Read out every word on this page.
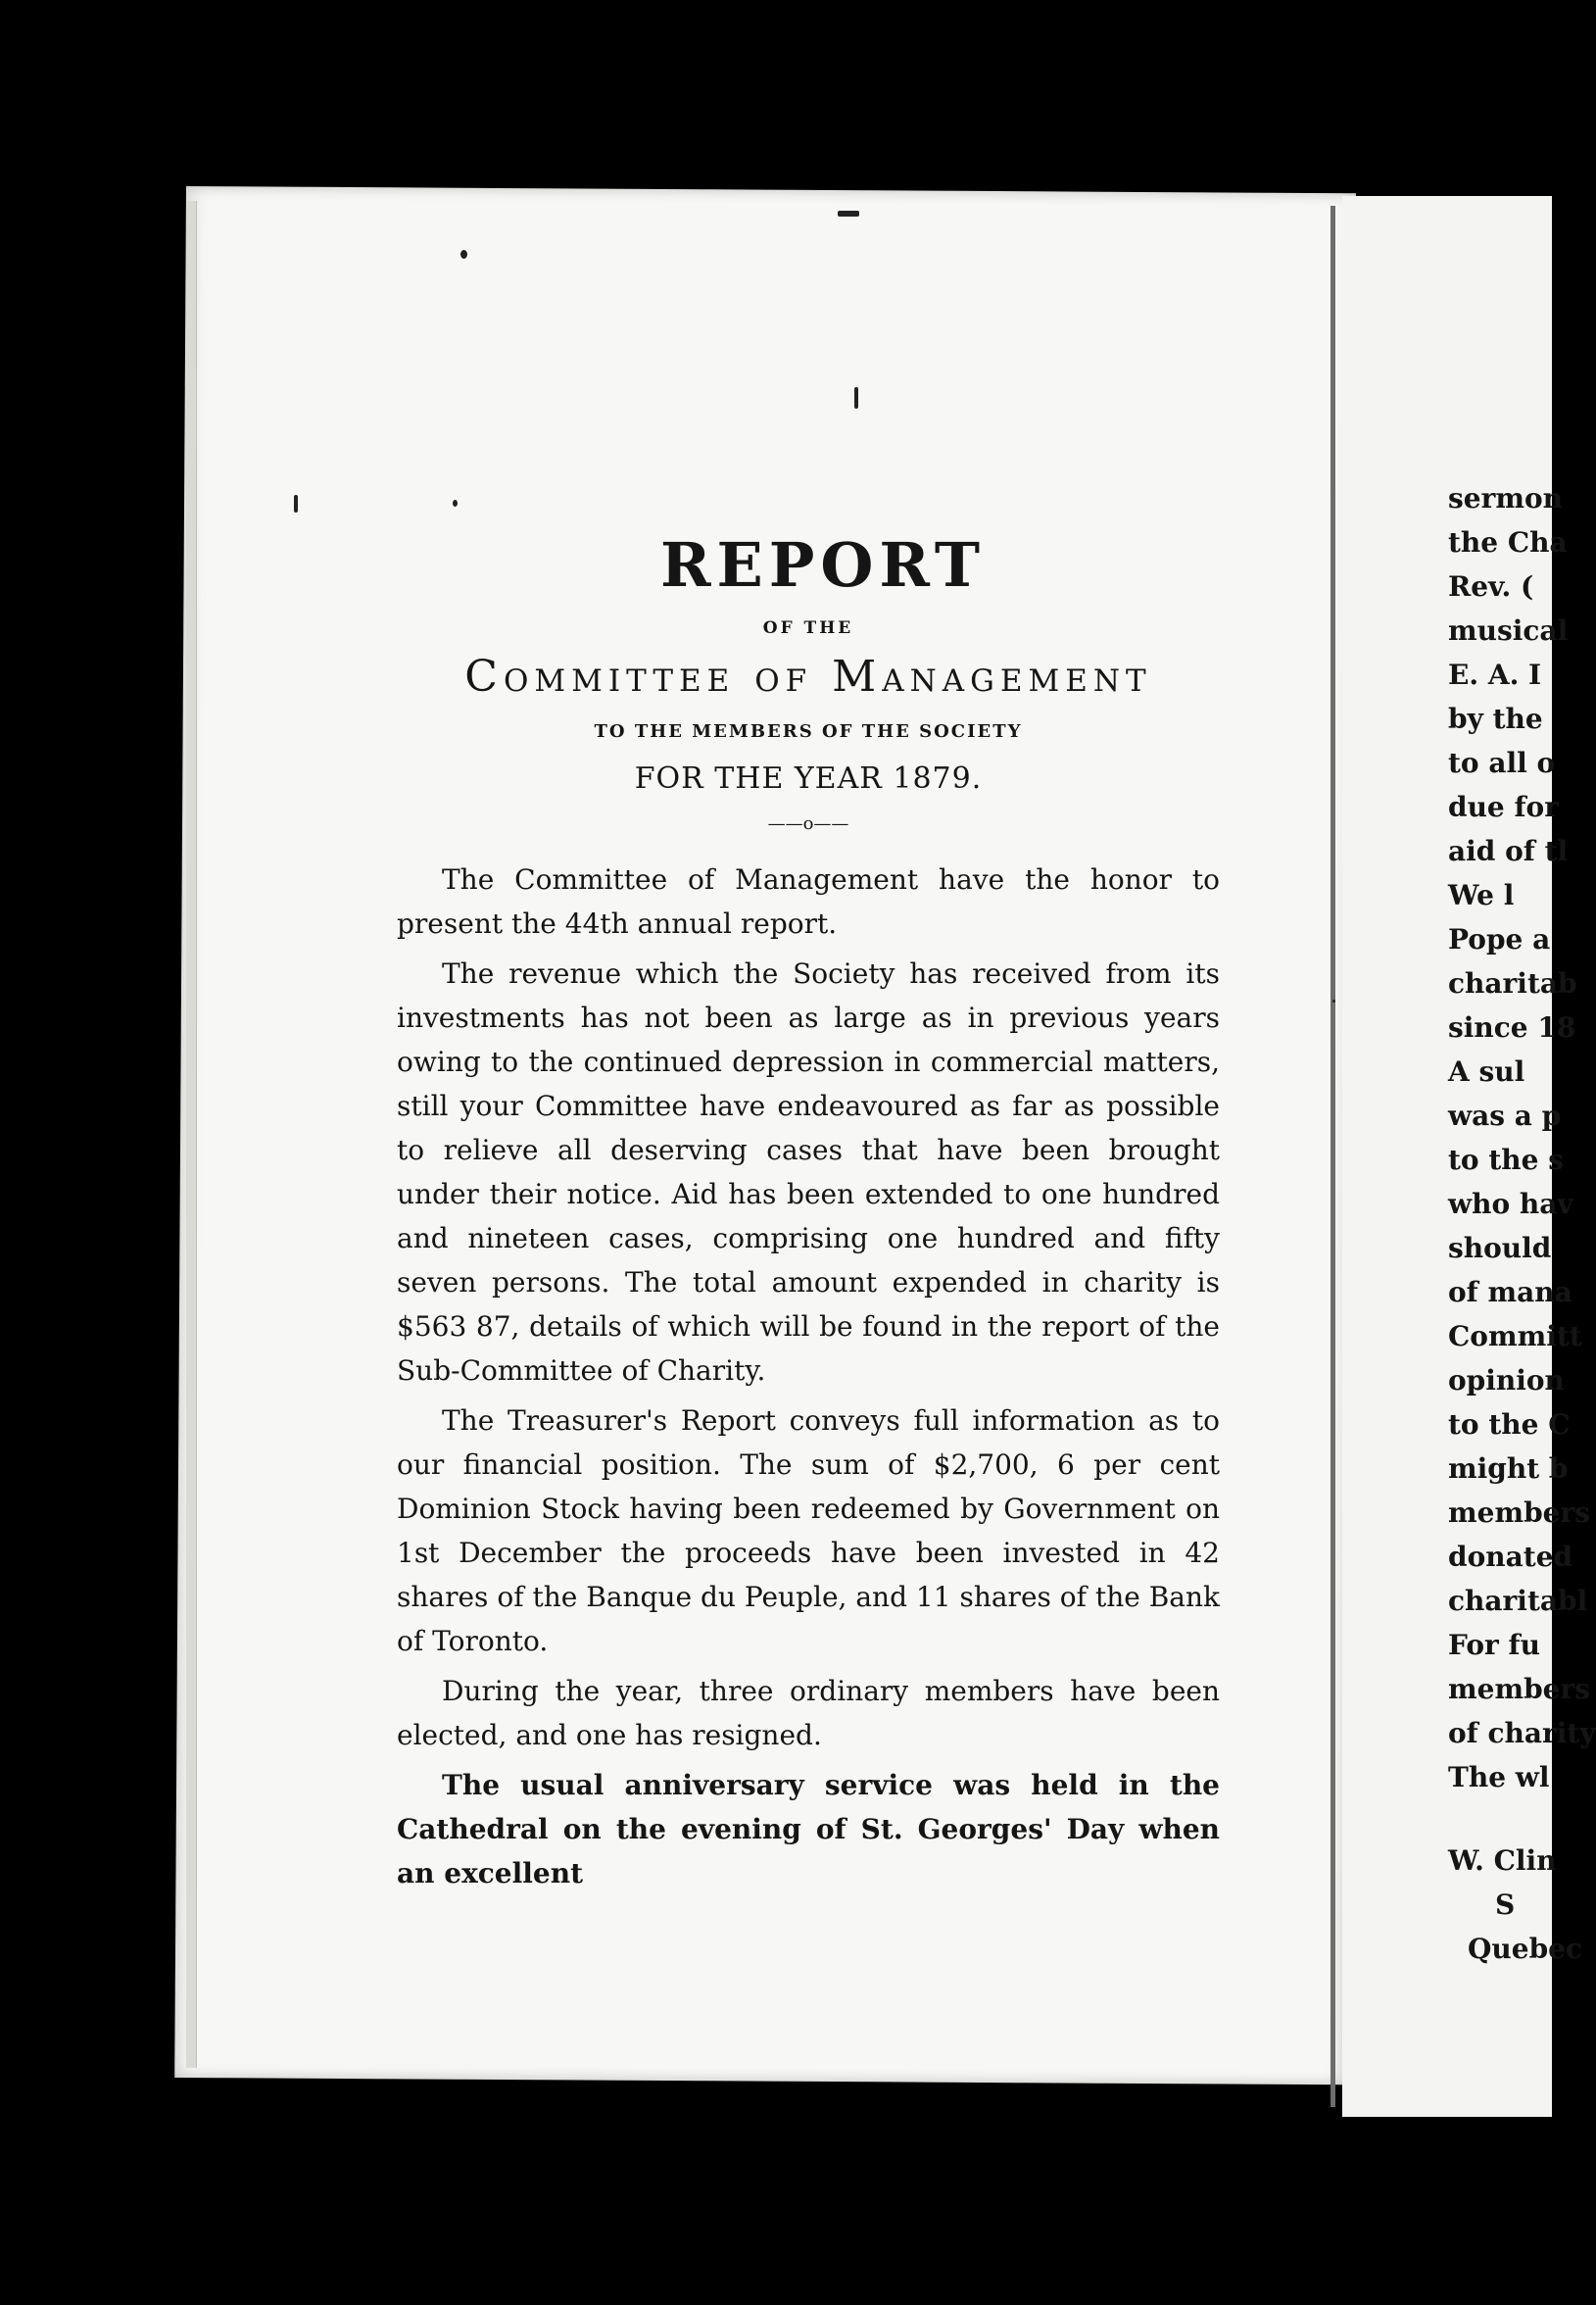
REPORT
OF THE
Committee of Management
TO THE MEMBERS OF THE SOCIETY
FOR THE YEAR 1879.
——o——

The Committee of Management have the honor to present the 44th annual report.

The revenue which the Society has received from its investments has not been as large as in previous years owing to the continued depression in commercial matters, still your Committee have endeavoured as far as possible to relieve all deserving cases that have been brought under their notice. Aid has been extended to one hundred and nineteen cases, comprising one hundred and fifty seven persons. The total amount expended in charity is $563 87, details of which will be found in the report of the Sub-Committee of Charity.

The Treasurer's Report conveys full information as to our financial position. The sum of $2,700, 6 per cent Dominion Stock having been redeemed by Government on 1st December the proceeds have been invested in 42 shares of the Banque du Peuple, and 11 shares of the Bank of Toronto.

During the year, three ordinary members have been elected, and one has resigned.

The usual anniversary service was held in the Cathedral on the evening of St. Georges' Day when an excellent

sermon
the Cha
Rev. (
musical
E. A. I
by the
to all o
due for
aid of tl
We l
Pope a
charitab
since 18
A sul
was a p
to the s
who hav
should
of mana
Committ
opinion
to the C
might b
members
donated
charitabl
For fu
members
of charity
The wl
W. Clin
S
Quebec
